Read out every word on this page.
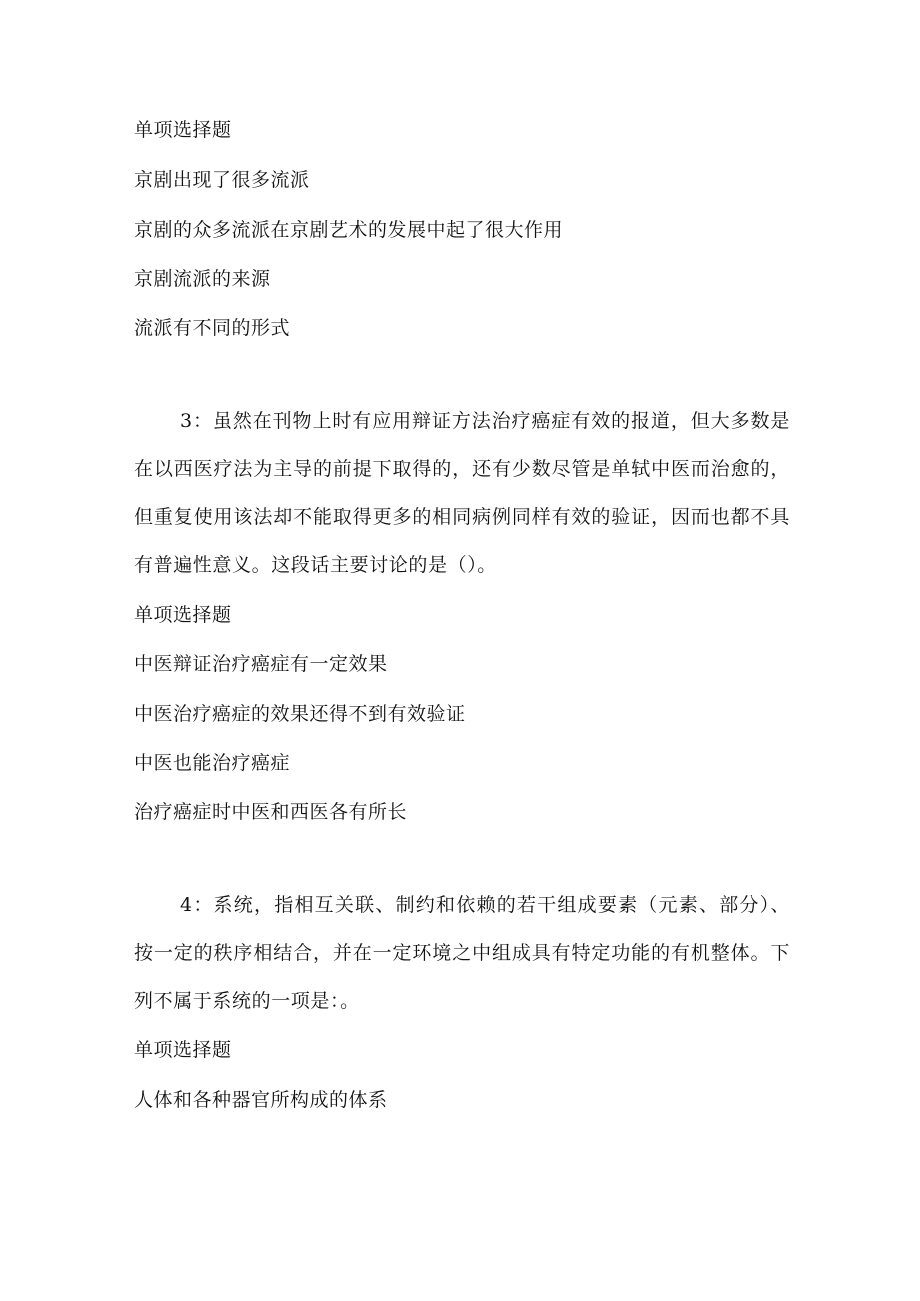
单项选择题
京剧出现了很多流派
京剧的众多流派在京剧艺术的发展中起了很大作用
京剧流派的来源
流派有不同的形式
3：虽然在刊物上时有应用辩证方法治疗癌症有效的报道，但大多数是在以西医疗法为主导的前提下取得的，还有少数尽管是单轼中医而治愈的，但重复使用该法却不能取得更多的相同病例同样有效的验证，因而也都不具有普遍性意义。这段话主要讨论的是（）。
单项选择题
中医辩证治疗癌症有一定效果
中医治疗癌症的效果还得不到有效验证
中医也能治疗癌症
治疗癌症时中医和西医各有所长
4：系统，指相互关联、制约和依赖的若干组成要素（元素、部分）、按一定的秩序相结合，并在一定环境之中组成具有特定功能的有机整体。下列不属于系统的一项是：。
单项选择题
人体和各种器官所构成的体系
